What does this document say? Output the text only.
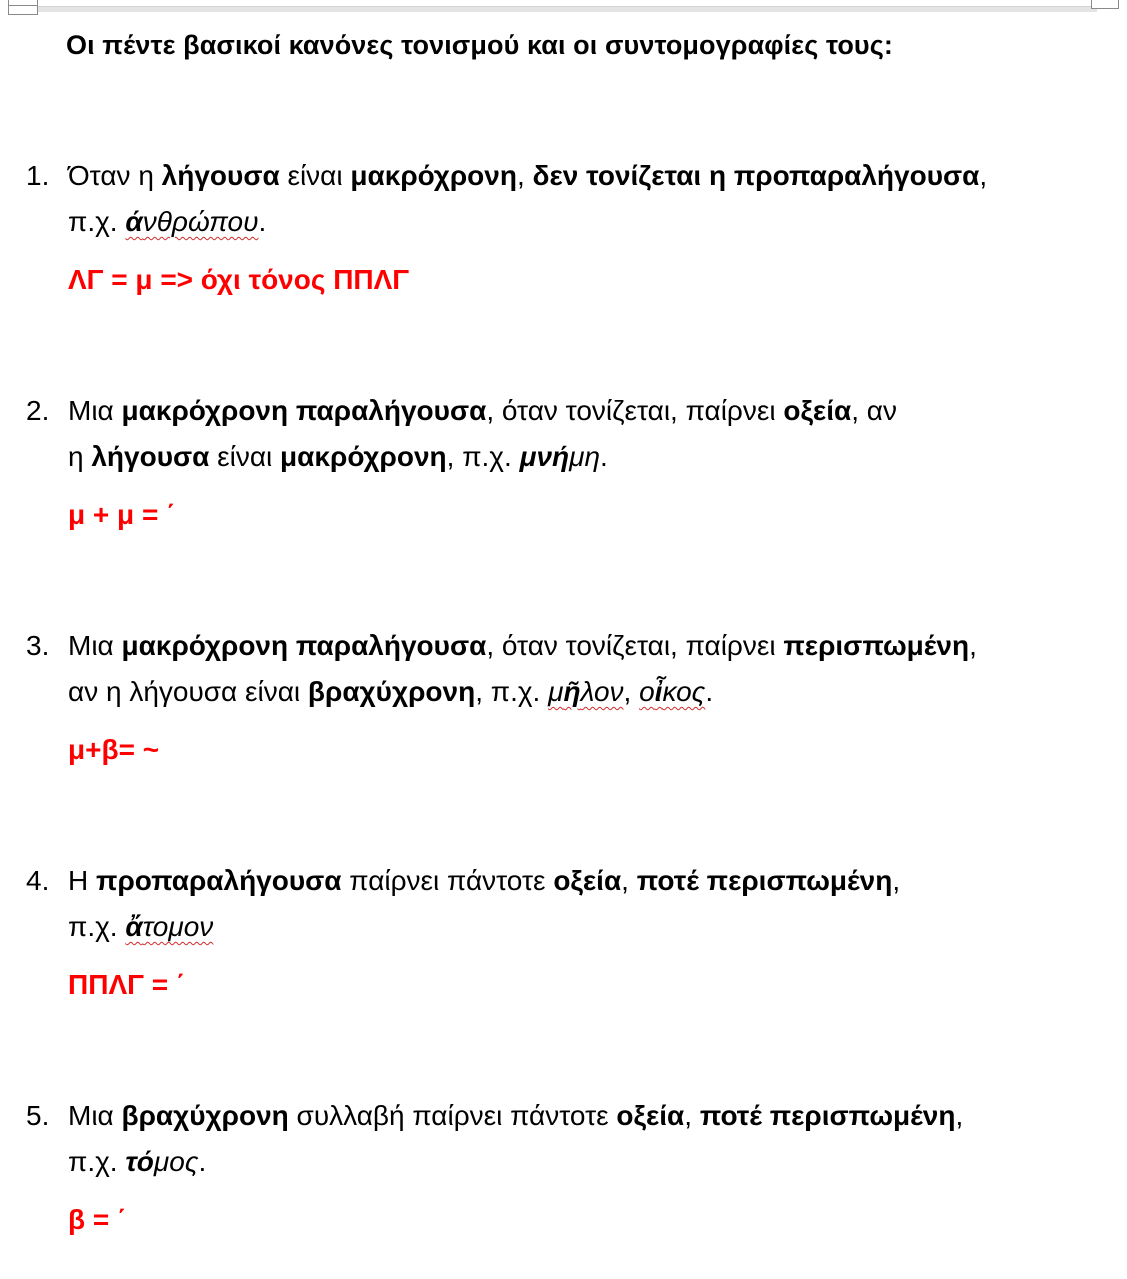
Οι πέντε βασικοί κανόνες τονισμού και οι συντομογραφίες τους:
1. Όταν η λήγουσα είναι μακρόχρονη, δεν τονίζεται η προπαραλήγουσα,
π.χ. άνθρώπου.
ΛΓ = μ => όχι τόνος ΠΠΛΓ
2. Μια μακρόχρονη παραλήγουσα, όταν τονίζεται, παίρνει οξεία, αν
η λήγουσα είναι μακρόχρονη, π.χ. μνήμη.
μ + μ = ΄
3. Μια μακρόχρονη παραλήγουσα, όταν τονίζεται, παίρνει περισπωμένη,
αν η λήγουσα είναι βραχύχρονη, π.χ. μῆλον, οἶκος.
μ+β= ~
4. Η προπαραλήγουσα παίρνει πάντοτε οξεία, ποτέ περισπωμένη,
π.χ. ἄτομον
ΠΠΛΓ = ΄
5. Μια βραχύχρονη συλλαβή παίρνει πάντοτε οξεία, ποτέ περισπωμένη,
π.χ. τόμος.
β = ΄
